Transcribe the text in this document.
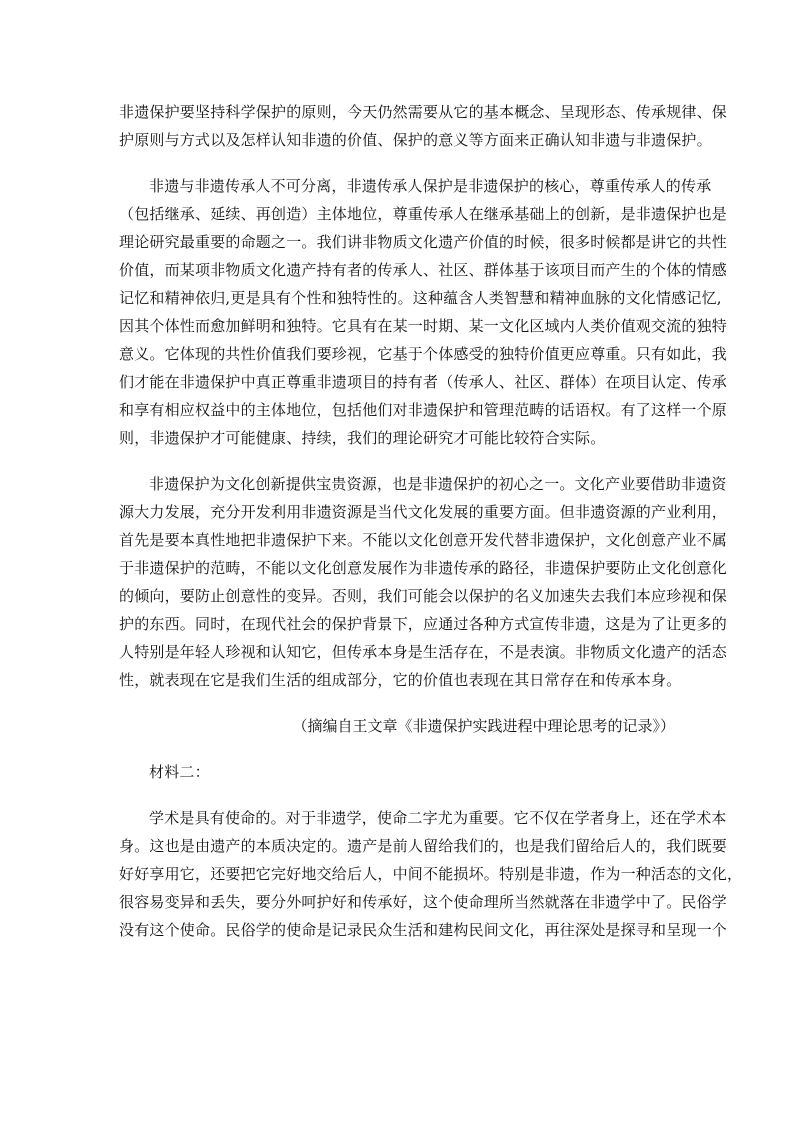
非遗保护要坚持科学保护的原则，今天仍然需要从它的基本概念、呈现形态、传承规律、保
护原则与方式以及怎样认知非遗的价值、保护的意义等方面来正确认知非遗与非遗保护。
非遗与非遗传承人不可分离，非遗传承人保护是非遗保护的核心，尊重传承人的传承
（包括继承、延续、再创造）主体地位，尊重传承人在继承基础上的创新，是非遗保护也是
理论研究最重要的命题之一。我们讲非物质文化遗产价值的时候，很多时候都是讲它的共性
价值，而某项非物质文化遗产持有者的传承人、社区、群体基于该项目而产生的个体的情感
记忆和精神依归,更是具有个性和独特性的。这种蕴含人类智慧和精神血脉的文化情感记忆,
因其个体性而愈加鲜明和独特。它具有在某一时期、某一文化区域内人类价值观交流的独特
意义。它体现的共性价值我们要珍视，它基于个体感受的独特价值更应尊重。只有如此，我
们才能在非遗保护中真正尊重非遗项目的持有者（传承人、社区、群体）在项目认定、传承
和享有相应权益中的主体地位，包括他们对非遗保护和管理范畴的话语权。有了这样一个原
则，非遗保护才可能健康、持续，我们的理论研究才可能比较符合实际。
非遗保护为文化创新提供宝贵资源，也是非遗保护的初心之一。文化产业要借助非遗资
源大力发展，充分开发利用非遗资源是当代文化发展的重要方面。但非遗资源的产业利用，
首先是要本真性地把非遗保护下来。不能以文化创意开发代替非遗保护，文化创意产业不属
于非遗保护的范畴，不能以文化创意发展作为非遗传承的路径，非遗保护要防止文化创意化
的倾向，要防止创意性的变异。否则，我们可能会以保护的名义加速失去我们本应珍视和保
护的东西。同时，在现代社会的保护背景下，应通过各种方式宣传非遗，这是为了让更多的
人特别是年轻人珍视和认知它，但传承本身是生活存在，不是表演。非物质文化遗产的活态
性，就表现在它是我们生活的组成部分，它的价值也表现在其日常存在和传承本身。
（摘编自王文章《非遗保护实践进程中理论思考的记录》）
材料二：
学术是具有使命的。对于非遗学，使命二字尤为重要。它不仅在学者身上，还在学术本
身。这也是由遗产的本质决定的。遗产是前人留给我们的，也是我们留给后人的，我们既要
好好享用它，还要把它完好地交给后人，中间不能损坏。特别是非遗，作为一种活态的文化，
很容易变异和丢失，要分外呵护好和传承好，这个使命理所当然就落在非遗学中了。民俗学
没有这个使命。民俗学的使命是记录民众生活和建构民间文化，再往深处是探寻和呈现一个
